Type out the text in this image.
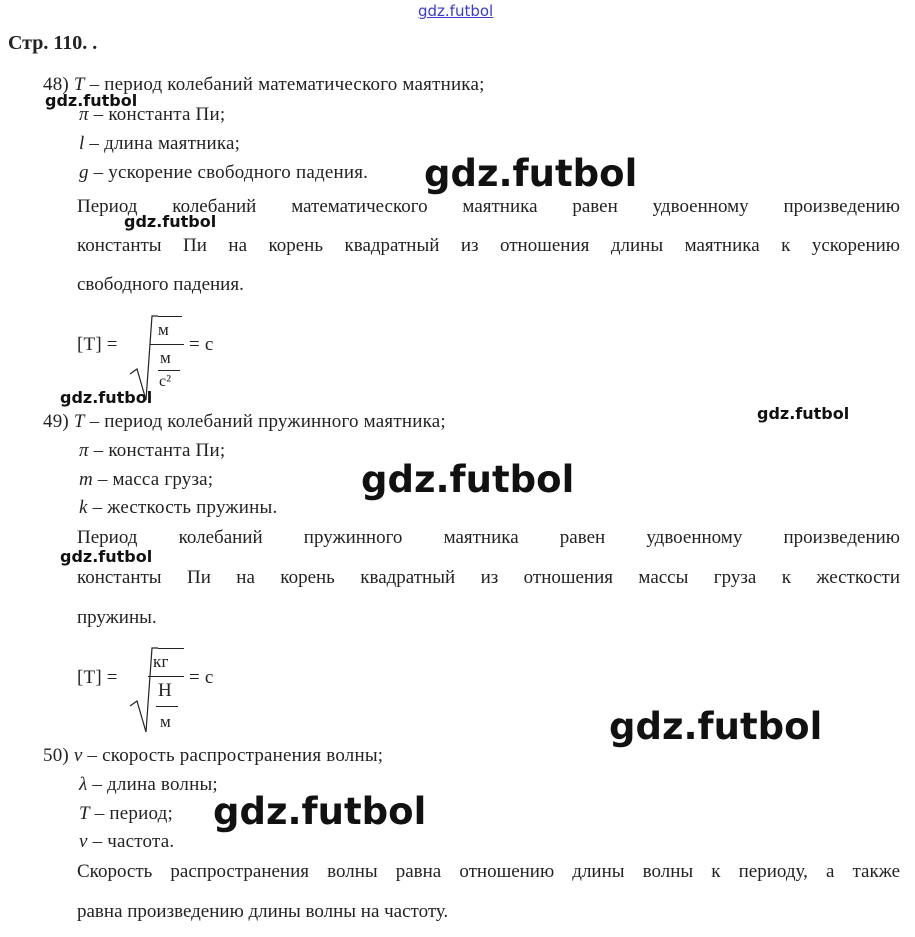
gdz.futbol
gdz.futbol
gdz.futbol
gdz.futbol
gdz.futbol
gdz.futbol
gdz.futbol
gdz.futbol
gdz.futbol
gdz.futbol
Стр. 110. .
48) T – период колебаний математического маятника;
π – константа Пи;
l – длина маятника;
g – ускорение свободного падения.
Период колебаний математического маятника равен удвоенному произведению
константы Пи на корень квадратный из отношения длины маятника к ускорению
свободного падения.
[T] =
м
м
с²
= с
49) T – период колебаний пружинного маятника;
π – константа Пи;
m – масса груза;
k – жесткость пружины.
Период колебаний пружинного маятника равен удвоенному произведению
константы Пи на корень квадратный из отношения массы груза к жесткости
пружины.
[T] =
кг
Н
м
= с
50) v – скорость распространения волны;
λ – длина волны;
T – период;
ν – частота.
Скорость распространения волны равна отношению длины волны к периоду, а также
равна произведению длины волны на частоту.
